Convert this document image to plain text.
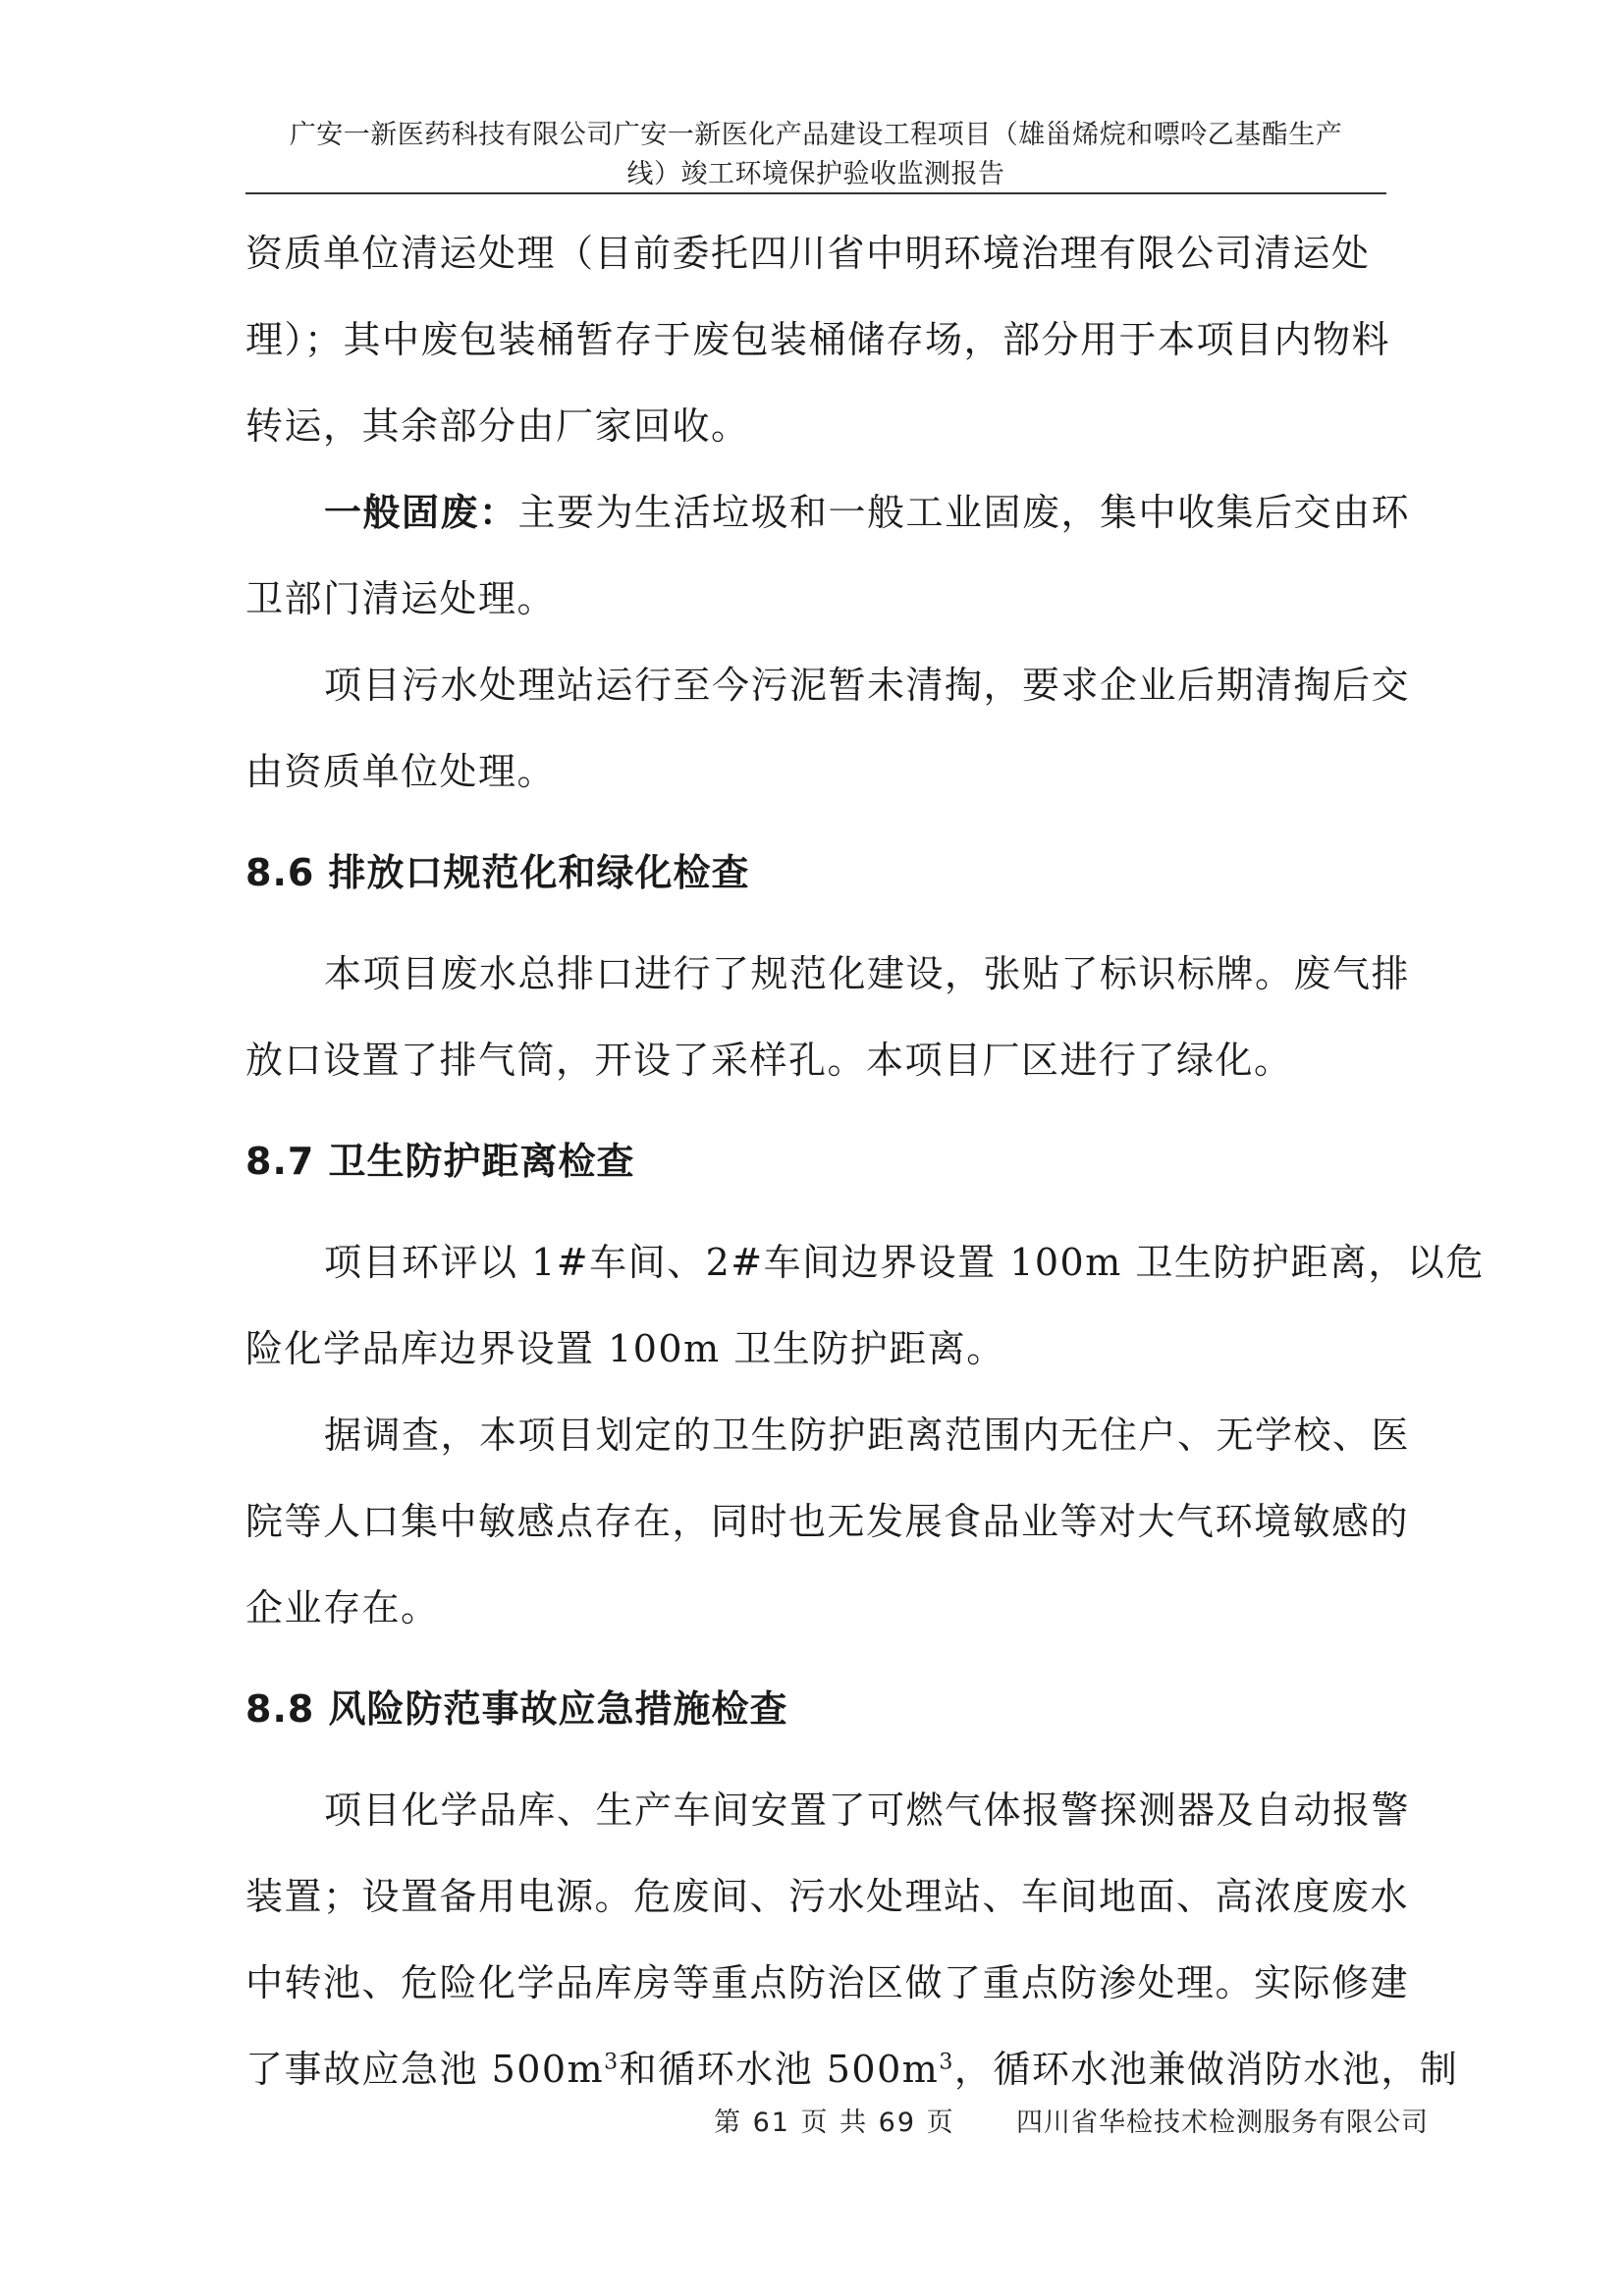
广安一新医药科技有限公司广安一新医化产品建设工程项目（雄甾烯烷和嘌呤乙基酯生产
线）竣工环境保护验收监测报告

资质单位清运处理（目前委托四川省中明环境治理有限公司清运处

理）；其中废包装桶暂存于废包装桶储存场，部分用于本项目内物料

转运，其余部分由厂家回收。

一般固废：主要为生活垃圾和一般工业固废，集中收集后交由环

卫部门清运处理。

项目污水处理站运行至今污泥暂未清掏，要求企业后期清掏后交

由资质单位处理。

8.6 排放口规范化和绿化检查

本项目废水总排口进行了规范化建设，张贴了标识标牌。废气排

放口设置了排气筒，开设了采样孔。本项目厂区进行了绿化。

8.7 卫生防护距离检查

项目环评以 1#车间、2#车间边界设置 100m 卫生防护距离，以危

险化学品库边界设置 100m 卫生防护距离。

据调查，本项目划定的卫生防护距离范围内无住户、无学校、医

院等人口集中敏感点存在，同时也无发展食品业等对大气环境敏感的

企业存在。

8.8 风险防范事故应急措施检查

项目化学品库、生产车间安置了可燃气体报警探测器及自动报警

装置；设置备用电源。危废间、污水处理站、车间地面、高浓度废水

中转池、危险化学品库房等重点防治区做了重点防渗处理。实际修建

了事故应急池 $500m^3$和循环水池 $500m^3$，循环水池兼做消防水池，制

第 61 页 共 69 页 四川省华检技术检测服务有限公司
